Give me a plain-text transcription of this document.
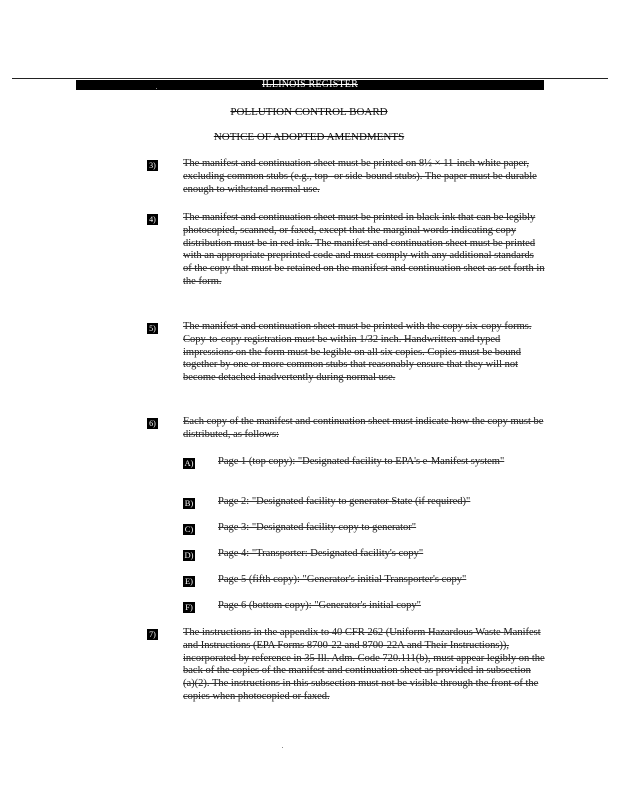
ILLINOIS REGISTER
POLLUTION CONTROL BOARD
NOTICE OF ADOPTED AMENDMENTS
3)	The manifest and continuation sheet must be printed on 8½ × 11-inch white paper, excluding common stubs (e.g., top- or side-bound stubs). The paper must be durable enough to withstand normal use.
4)	The manifest and continuation sheet must be printed in black ink that can be legibly photocopied, scanned, or faxed, except that the marginal words indicating copy distribution must be in red ink. The manifest and continuation sheet must be printed with an appropriate preprinted code and must comply with any additional standards of the copy that must be retained on the manifest and continuation sheet as set forth in the form.
5)	The manifest and continuation sheet must be printed with the copy six-copy forms. Copy-to-copy registration must be within 1/32 inch. Handwritten and typed impressions on the form must be legible on all six copies. Copies must be bound together by one or more common stubs that reasonably ensure that they will not become detached inadvertently during normal use.
6)	Each copy of the manifest and continuation sheet must indicate how the copy must be distributed, as follows:
A) Page 1 (top copy): "Designated facility to EPA's e-Manifest system"
B) Page 2: "Designated facility to generator State (if required)"
C) Page 3: "Designated facility copy to generator"
D) Page 4: "Transporter: Designated facility's copy"
E) Page 5 (fifth copy): "Generator's initial Transporter's copy"
F) Page 6 (bottom copy): "Generator's initial copy"
7)	The instructions in the appendix to 40 CFR 262 (Uniform Hazardous Waste Manifest and Instructions (EPA Forms 8700-22 and 8700-22A and Their Instructions)), incorporated by reference in 35 Ill. Adm. Code 720.111(b), must appear legibly on the back of the copies of the manifest and continuation sheet as provided in subsection (a)(2). The instructions in this subsection must not be visible through the front of the copies when photocopied or faxed.
